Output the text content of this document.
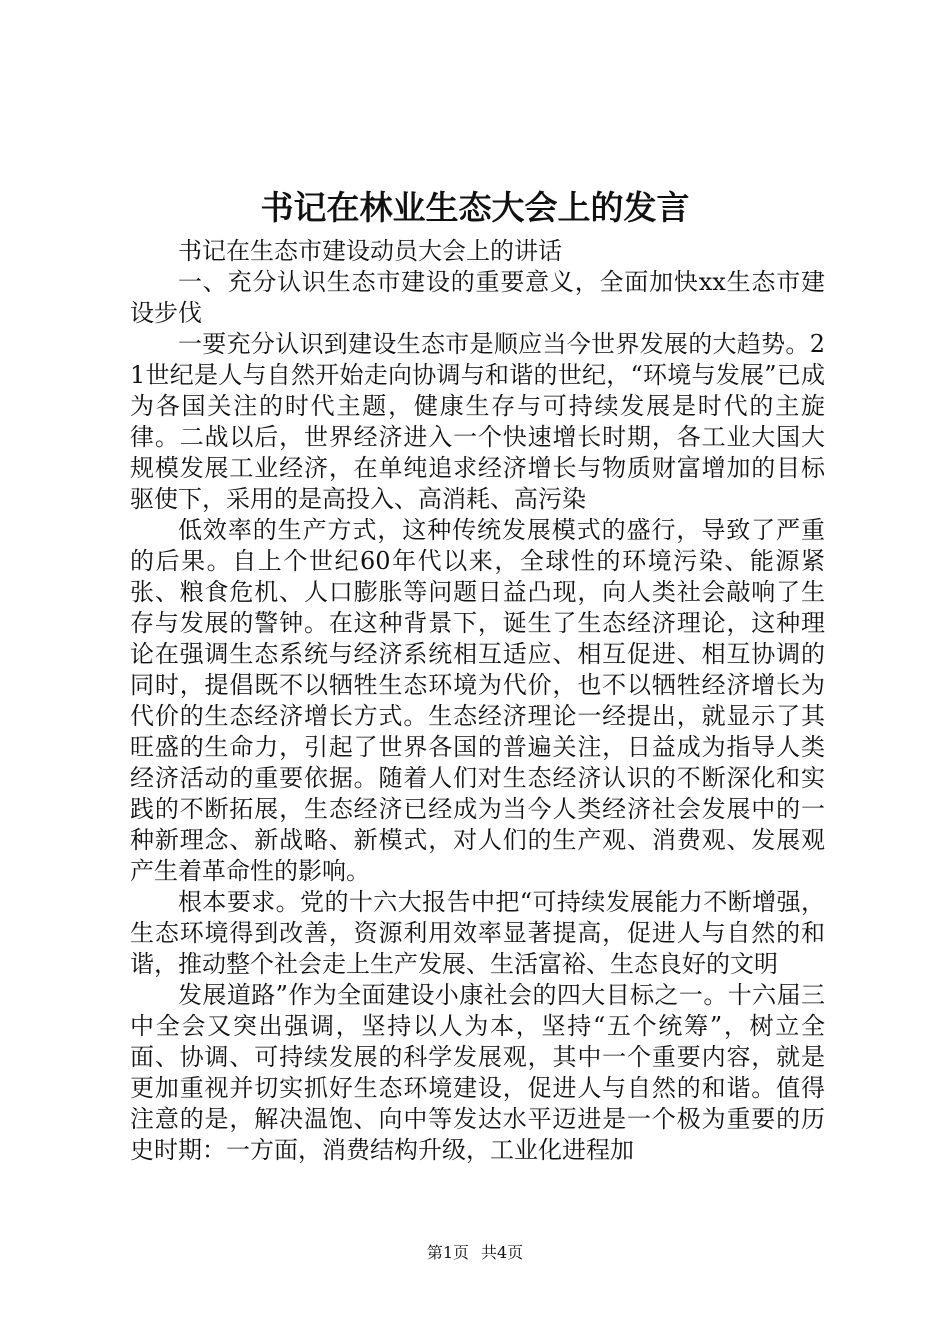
书记在林业生态大会上的发言

书记在生态市建设动员大会上的讲话

一、充分认识生态市建设的重要意义，全面加快xx生态市建设步伐

一要充分认识到建设生态市是顺应当今世界发展的大趋势。21世纪是人与自然开始走向协调与和谐的世纪，“环境与发展”已成为各国关注的时代主题，健康生存与可持续发展是时代的主旋律。二战以后，世界经济进入一个快速增长时期，各工业大国大规模发展工业经济，在单纯追求经济增长与物质财富增加的目标驱使下，采用的是高投入、高消耗、高污染

低效率的生产方式，这种传统发展模式的盛行，导致了严重的后果。自上个世纪60年代以来，全球性的环境污染、能源紧张、粮食危机、人口膨胀等问题日益凸现，向人类社会敲响了生存与发展的警钟。在这种背景下，诞生了生态经济理论，这种理论在强调生态系统与经济系统相互适应、相互促进、相互协调的同时，提倡既不以牺牲生态环境为代价，也不以牺牲经济增长为代价的生态经济增长方式。生态经济理论一经提出，就显示了其旺盛的生命力，引起了世界各国的普遍关注，日益成为指导人类经济活动的重要依据。随着人们对生态经济认识的不断深化和实践的不断拓展，生态经济已经成为当今人类经济社会发展中的一种新理念、新战略、新模式，对人们的生产观、消费观、发展观产生着革命性的影响。

根本要求。党的十六大报告中把“可持续发展能力不断增强，生态环境得到改善，资源利用效率显著提高，促进人与自然的和谐，推动整个社会走上生产发展、生活富裕、生态良好的文明

发展道路”作为全面建设小康社会的四大目标之一。十六届三中全会又突出强调，坚持以人为本，坚持“五个统筹”，树立全面、协调、可持续发展的科学发展观，其中一个重要内容，就是更加重视并切实抓好生态环境建设，促进人与自然的和谐。值得注意的是，解决温饱、向中等发达水平迈进是一个极为重要的历史时期：一方面，消费结构升级，工业化进程加

第1页 共4页
